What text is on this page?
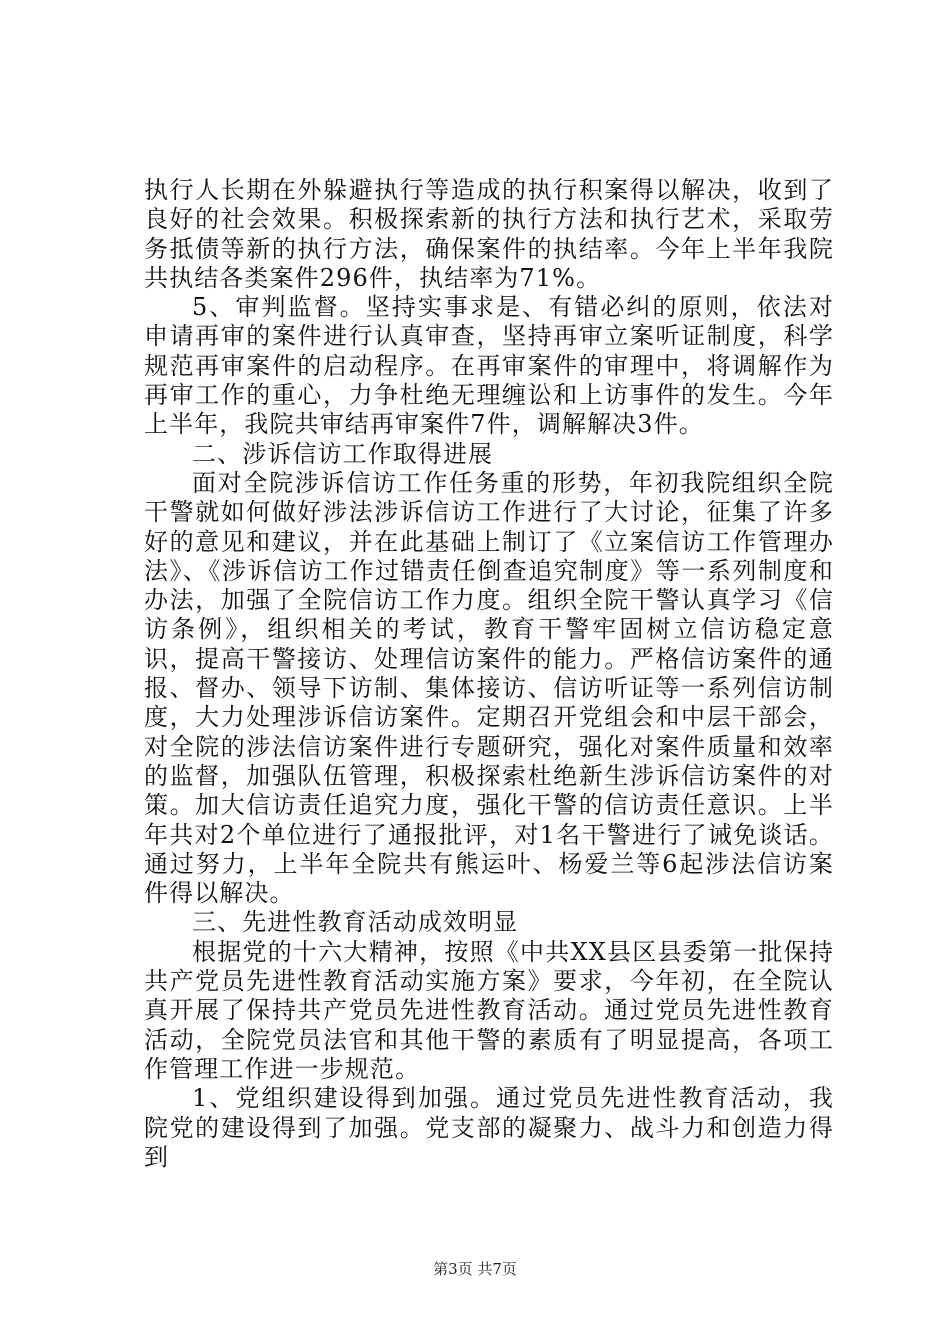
执行人长期在外躲避执行等造成的执行积案得以解决，收到了良好的社会效果。积极探索新的执行方法和执行艺术，采取劳务抵债等新的执行方法，确保案件的执结率。今年上半年我院共执结各类案件296件，执结率为71%。

5、审判监督。坚持实事求是、有错必纠的原则，依法对申请再审的案件进行认真审查，坚持再审立案听证制度，科学规范再审案件的启动程序。在再审案件的审理中，将调解作为再审工作的重心，力争杜绝无理缠讼和上访事件的发生。今年上半年，我院共审结再审案件7件，调解解决3件。

二、涉诉信访工作取得进展

面对全院涉诉信访工作任务重的形势，年初我院组织全院干警就如何做好涉法涉诉信访工作进行了大讨论，征集了许多好的意见和建议，并在此基础上制订了《立案信访工作管理办法》、《涉诉信访工作过错责任倒查追究制度》等一系列制度和办法，加强了全院信访工作力度。组织全院干警认真学习《信访条例》，组织相关的考试，教育干警牢固树立信访稳定意识，提高干警接访、处理信访案件的能力。严格信访案件的通报、督办、领导下访制、集体接访、信访听证等一系列信访制度，大力处理涉诉信访案件。定期召开党组会和中层干部会，对全院的涉法信访案件进行专题研究，强化对案件质量和效率的监督，加强队伍管理，积极探索杜绝新生涉诉信访案件的对策。加大信访责任追究力度，强化干警的信访责任意识。上半年共对2个单位进行了通报批评，对1名干警进行了诫免谈话。通过努力，上半年全院共有熊运叶、杨爱兰等6起涉法信访案件得以解决。

三、先进性教育活动成效明显

根据党的十六大精神，按照《中共XX县区县委第一批保持共产党员先进性教育活动实施方案》要求，今年初，在全院认真开展了保持共产党员先进性教育活动。通过党员先进性教育活动，全院党员法官和其他干警的素质有了明显提高，各项工作管理工作进一步规范。

1、党组织建设得到加强。通过党员先进性教育活动，我院党的建设得到了加强。党支部的凝聚力、战斗力和创造力得到

第3页 共7页
